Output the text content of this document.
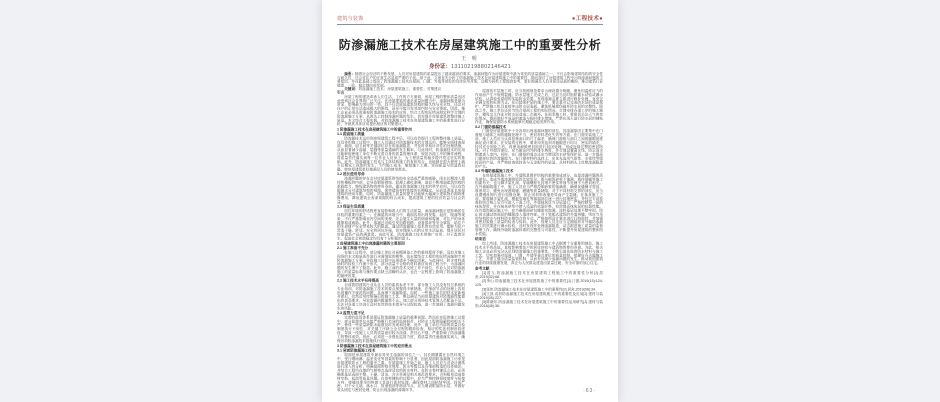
建筑与装饰	●工程技术●
防渗漏施工技术在房屋建筑施工中的重要性分析
王 明
身份证：131102198802146421

摘要：随着社会经济的不断发展，人们对房屋建筑的质量提出了越来越高的要求，渗漏问题作为房屋建筑中最为常见的质量通病之一，不仅会影响建筑结构的安全性与耐久性，还会对住户的正常生活造成严重的干扰。基于此，文章首先分析了防渗漏施工技术在房屋建筑施工中的重要性，随后探讨了房屋建筑工程中出现渗漏问题的主要原因，并在此基础上提出了防渗漏施工技术在屋面、门窗、外墙等部位的具体应用对策，以期为同类工程提供参考，更好地满足人们对居住品质的期盼，推动建筑行业健康、一致、稳定地向前发展。

关键词：防渗漏施工技术；房屋建筑施工；重要性；对策建议

引言

房屋工程的建造牵涉人们生活、工作的方方面面，房屋工程的整体质量也因此受到社会各界的广泛关注。在房屋建筑的诸多质量问题当中，渗漏问题是最为常见、影响最为突出的一类，其不仅会降低建筑结构的耐久性与安全性，还会对住户的正常生活造成极大的困扰，甚至可能引发邻里纠纷与安全事故。因此，施工企业必须高度重视防渗漏施工技术的应用，结合工程实际情况制定科学合理的防渗漏施工方案，从源头上控制渗漏问题的发生，切实提升房屋建筑的整体施工质量。本文结合工程实践，对防渗漏施工技术在房屋建筑施工中的重要性进行分析，并就其具体应用提出相应的对策建议。

1 防渗漏施工技术在房屋建筑施工中的重要作用
1.1 提高施工质量

防渗漏技术运用到房屋建筑工程中后，可以有效提升工程的整体施工质量。在具体的施工过程中，施工人员通过对防渗漏技术的合理运用，能够全面排查屋面、墙面、厨卫间等关键部位存在的渗漏隐患，并及时采取针对性的处理措施，从而显著减少渗漏、裂缝等质量通病的发生概率。与此同时，防渗漏技术的应用还能够促使施工单位不断完善自身的质量管理体系，规范各道工序的操作流程，将质量责任落实到每一位作业人员身上，为工程质量的稳步提升奠定坚实的基础。此外，防渗漏施工技术与主体结构施工的有机结合，也能够在很大程度上减少后期返工现象的发生，节约施工成本，缩短施工工期，实现质量与效益的双赢，使房屋建筑更好地满足人们的使用需求。

1.2 延长使用寿命

渗漏问题的存在会对房屋建筑的结构安全造成严重的威胁，雨水长期渗入墙体和楼板的内部，会导致钢筋锈蚀、混凝土碳化剥落，进而不断削弱建筑结构的承载能力，缩短建筑物的使用寿命。通过防渗漏施工技术的科学应用，可以有效阻隔水分对建筑结构的侵蚀，保持建筑材料性能的长期稳定，从而显著延长房屋建筑的使用年限。同时，防渗漏施工质量的提升还能够大幅减少建筑物后期的维修费用，降低建筑全寿命周期的综合成本，提高建筑工程的经济效益与社会效益。

1.3 保证生活质量

居住环境的舒适程度直接影响着人们的生活质量，而渗漏问题正是影响居住体验的重要因素之一。在潮湿的环境当中，墙面容易出现发霉、起皮、脱落等现象，不仅严重影响室内空间的美观，还会滋生大量的细菌和霉菌，对住户的身体健康构成威胁。此外，渗漏还可能引发电路短路、设备损坏等安全事故，给住户的生命财产安全带来较大的隐患。通过防渗漏施工技术的有效应用，能够为住户营造干燥、舒适、安全的居住环境，切实保障人们的日常生活品质，提升居民对房屋建筑产品的满意度。由此可见，防渗漏施工技术的推广应用，对于改善民生、促进社会和谐稳定均具有十分积极的意义。

2 房屋建筑施工中出现渗漏问题的主要原因
2.1 施工准备不充分

在施工过程中，部分施工单位对前期准备工作的重视程度不够，没有对施工现场的水文地质条件进行全面细致的勘察，也未能结合工程的实际情况编制专项防渗漏施工方案，导致施工过程中出现诸多不确定因素。与此同时，防水材料进场时的检验工作流于形式，部分质量不合格的材料被应用到工程当中，为渗漏问题的发生埋下了隐患。此外，施工前的技术交底工作不到位，作业人员对防渗漏施工的质量标准与操作要点缺乏清晰的认识，也在一定程度上影响了防渗漏施工的最终效果。

2.2 施工技术水平有待提高

目前我国建筑行业从业人员的素质参差不齐，部分施工人员没有经过系统的专业培训，对防渗漏施工技术的要点掌握得不够熟练，在细部节点的处理上容易出现操作不规范的问题，从而埋下渗漏隐患。同时，一些施工单位的技术更新相对滞后，仍然沿用传统落后的施工工艺，难以满足当前房屋建筑对防渗漏性能提出的更高要求，导致渗漏问题屡禁不止。加之部分现场技术管理人员配备不足，无法对各道工序进行及时有效的技术指导与过程检查，进一步加剧了渗漏问题发生的风险。

2.3 监管力度不足

完善的监管体系是保证防渗漏施工质量的重要前提。然而在实际的施工过程中，部分监理单位未能严格履行自身的监督职责，对防水工程的隐蔽验收把关不严，使得一些质量缺陷未能被及时发现和处理。此外，施工单位内部的质量自检制度执行不到位，对关键工序缺乏全过程的跟踪检查，相应的奖惩机制形同虚设，导致一线施工人员的质量意识较为淡薄，责任心不强，严重影响了防渗漏施工的整体成效。因此，必须进一步强化监管力度，将质量责任逐级落实到人，确保各项防渗漏技术措施执行到位。

3 防渗漏施工技术在房屋建筑施工中的应用要点
3.1 屋面防渗漏施工技术

屋面是房屋建筑中最容易发生渗漏的部位之一，其长期暴露在自然环境之中，受日晒雨淋、温差变化等因素的影响十分显著，因此屋面防渗漏施工历来是房屋建筑防水工程的重中之重。在屋面施工开始之前，施工人员应当对设计图纸进行深入的分析，明确屋面的排水坡度、防水等级以及各细部构造的具体做法，并结合工程所在地的气候特点选择适宜的防水材料。在防水卷材铺设之前，必须确保基层表面平整、干燥、清洁，含水率满足相关规范的要求，否则极易造成卷材空鼓、起泡等质量问题。在卷材铺贴的过程中，应当严格控制搭接宽度与搭接方向，接缝处要采用热熔工艺进行密封处理，确保卷材之间粘结牢固、封闭严密。对于女儿墙、落水口、管道根部等细部节点，应当增设附加防水层，并做好收头固定与密封处理，防止出现渗漏的薄弱环节。

屋面找平层施工时，应当按照规范要求合理设置分格缝，避免因温度应力的作用而产生不规则裂缝。防水层施工完成之后，还应当及时组织蓄水试验或淋水试验，认真检验屋面的实际防水效果，发现渗漏点要立即进行修补处理，直至完全满足验收标准为止。在后续保护层的施工中，要注意对已完成防水层的成品保护，严禁施工机具直接冲击防水层表面，避免机械损伤破坏防水层的完整性。除此之外，施工单位还应当结合屋面工程的实际情况，合理安排各道工序的施工顺序，避免交叉作业对防水层造成二次破坏。在雨季施工时，要密切关注天气的变化情况，提前做好半成品的遮盖与临时排水措施，严禁在雨天进行防水层的铺贴作业，确保屋面防水系统能够长期稳定地发挥作用。

3.2 门窗防渗漏技术

门窗是房屋建筑中十分容易出现渗漏问题的部位，其渗漏原因主要集中在门窗框与墙体之间的缝隙处理不当、密封材料老化失效等方面。在门窗安装施工之前，施工人员应当认真复核洞口的尺寸偏差，确保门窗框与洞口之间的缝隙宽度满足设计要求。在安装的过程中，要采用发泡剂对缝隙进行均匀、密实的填充，待其充分固化之后，再使用耐候密封胶进行封闭处理，形成连续完整的密封防线。对于外窗台部位，应当做出向外的排水坡度，并合理设置滴水线，防止雨水倒流进入室内。同时，在门窗框的周边还应当增设防水砂浆保护层，进一步提高门窗部位的防渗漏能力。在门窗材料的选择上，应优先选用气密性、水密性等级较高的产品，并严格检查密封条与五金配件的质量，从材料源头上杜绝渗漏隐患的产生。

3.3 外墙防渗漏施工技术

在房屋建筑施工中，外墙既是围护结构的重要组成部分，也是渗漏问题的高发部位。造成外墙渗漏的原因比较复杂，既与砌筑砂浆不饱满、墙体裂缝等施工因素有关，也与脚手架孔洞、穿墙螺栓孔封堵不密实等细节处理不当密切相关。在外墙砌筑施工中，施工人员应当严格控制砂浆的饱满度，确保灰缝横平竖直、厚度均匀，避免出现透明缝、瞎缝等质量缺陷。对于不同材料交界的部位，应当设置钢丝网片进行加强处理，防止因材料收缩差异而产生裂缝。在抹灰施工之前，要将脚手架孔洞、模板穿墙孔等薄弱部位逐一进行封堵密实，并经过专项检查验收合格之后方可进入下道工序。外墙抹灰应当分层进行，严格控制每一层的抹灰厚度，并在抹灰砂浆中掺入适量的抗裂纤维，有效提高抹灰层的抗裂性能。在外墙饰面层施工中，应当确保面砖勾缝密实饱满，涂料基层处理平整牢固，防止雨水通过饰面层的缝隙渗入墙体内部。对于装配式建筑的外墙拼缝，则应当采用结构防水与材料防水相结合的方式，严格按照设计要求进行打胶密封，并加强对密封胶施工质量的检查与验收。此外，管理人员还应当定期组织对外墙防渗漏施工的效果进行淋水检验，及时发现并处理渗漏隐患，动态跟进施工质量的监督管理工作，确保外墙防渗漏体系的完整性与可靠性，不断提升房屋建筑的整体防水性能。

结束语

综上所述，防渗漏施工技术在房屋建筑施工中占据着十分重要的地位，施工技术水平的高低，直接影响着住户的居住体验与建筑物的使用寿命。为此，相关施工企业必须充分认识到防渗漏施工的重要性，不断引进先进的防水材料与施工工艺，切实加强对屋面、门窗、外墙等重点部位的质量控制，把握好各关键施工工艺，并建立健全质量监管机制，从而有效减少渗漏问题的发生，推动我国建筑行业的持续健康发展，真正为人民群众建造出质量过硬、安全可靠的放心住宅。

参考文献

[1]曾飞.防渗漏施工技术在房屋建筑工程施工中的重要性分析[J].居舍,2019(32):68.

[2]李山.防渗漏施工技术在房屋建筑施工中的重要性[J].门窗,2019(15):124-125.

[3]张伟.防渗漏施工技术在房屋建筑施工中的重要性[J].居舍,2019(06):34.

[4]王凯.浅析防渗漏施工技术在房屋建筑施工中的重要性及应用[J].建材与装饰,2019(05):227.

[5]陈晓东.防渗漏施工技术在房屋建筑施工中的重要性运用研究[J].建材与装饰,2018(45):36.

·63·
